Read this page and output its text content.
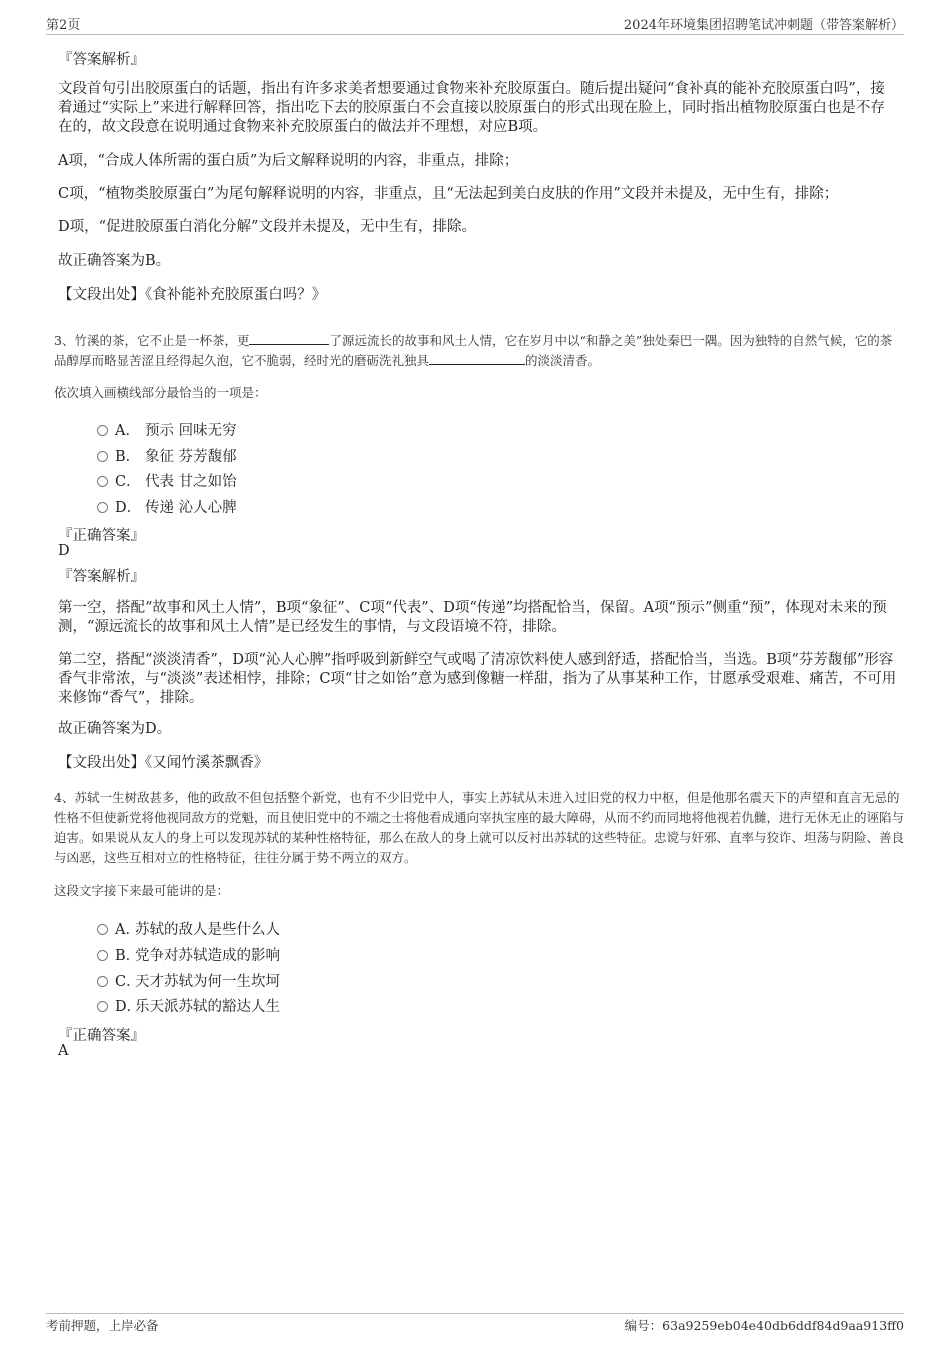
第2页	2024年环境集团招聘笔试冲刺题（带答案解析）
『答案解析』
文段首句引出胶原蛋白的话题，指出有许多求美者想要通过食物来补充胶原蛋白。随后提出疑问“食补真的能补充胶原蛋白吗”，接着通过“实际上”来进行解释回答，指出吃下去的胶原蛋白不会直接以胶原蛋白的形式出现在脸上，同时指出植物胶原蛋白也是不存在的，故文段意在说明通过食物来补充胶原蛋白的做法并不理想，对应B项。
A项，“合成人体所需的蛋白质”为后文解释说明的内容，非重点，排除；
C项，“植物类胶原蛋白”为尾句解释说明的内容，非重点，且“无法起到美白皮肤的作用”文段并未提及，无中生有，排除；
D项，“促进胶原蛋白消化分解”文段并未提及，无中生有，排除。
故正确答案为B。
【文段出处】《食补能补充胶原蛋白吗？》
3、竹溪的茶，它不止是一杯茶，更	了源远流长的故事和风土人情，它在岁月中以“和静之美”独处秦巴一隅。因为独特的自然气候，它的茶品醇厚而略显苦涩且经得起久泡，它不脆弱，经时光的磨砺洗礼独具	的淡淡清香。
依次填入画横线部分最恰当的一项是：
A． 预示 回味无穷
B． 象征 芬芳馥郁
C． 代表 甘之如饴
D． 传递 沁人心脾
『正确答案』
D
『答案解析』
第一空，搭配“故事和风土人情”，B项“象征”、C项“代表”、D项“传递”均搭配恰当，保留。A项“预示”侧重“预”，体现对未来的预测，“源远流长的故事和风土人情”是已经发生的事情，与文段语境不符，排除。
第二空，搭配“淡淡清香”，D项“沁人心脾”指呼吸到新鲜空气或喝了清凉饮料使人感到舒适，搭配恰当，当选。B项“芬芳馥郁”形容香气非常浓，与“淡淡”表述相悖，排除；C项“甘之如饴”意为感到像糖一样甜，指为了从事某种工作，甘愿承受艰难、痛苦，不可用来修饰“香气”，排除。
故正确答案为D。
【文段出处】《又闻竹溪茶飘香》
4、苏轼一生树敌甚多，他的政敌不但包括整个新党，也有不少旧党中人，事实上苏轼从未进入过旧党的权力中枢，但是他那名震天下的声望和直言无忌的性格不但使新党将他视同敌方的党魁，而且使旧党中的不端之士将他看成通向宰执宝座的最大障碍，从而不约而同地将他视若仇雠，进行无休无止的诬陷与迫害。如果说从友人的身上可以发现苏轼的某种性格特征，那么在敌人的身上就可以反衬出苏轼的这些特征。忠谠与奸邪、直率与狡诈、坦荡与阴险、善良与凶恶，这些互相对立的性格特征，往往分属于势不两立的双方。
这段文字接下来最可能讲的是：
A．苏轼的敌人是些什么人
B．党争对苏轼造成的影响
C．天才苏轼为何一生坎坷
D．乐天派苏轼的豁达人生
『正确答案』
A
考前押题，上岸必备	编号：63a9259eb04e40db6ddf84d9aa913ff0
